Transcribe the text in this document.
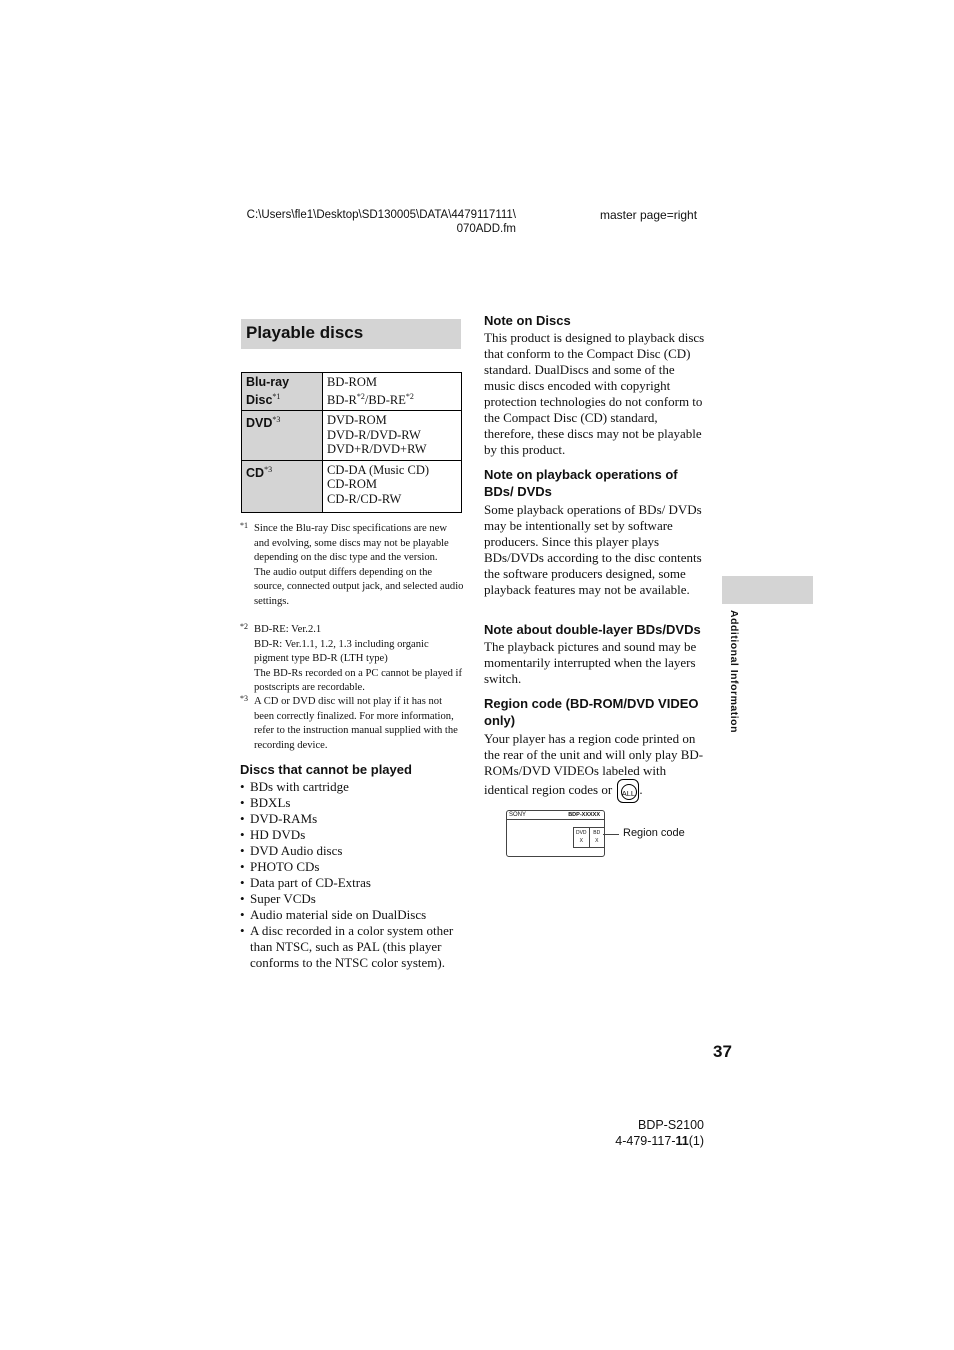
C:\Users\fle1\Desktop\SD130005\DATA\4479117111\
070ADD.fm
master page=right
Playable discs
Blu-ray Disc$^{*1}$	BD-ROM
$BD-R^{*2}/BD-RE^{*2}$

DVD$^{*3}$	DVD-ROM
DVD-R/DVD-RW
DVD+R/DVD+RW

CD$^{*3}$	CD-DA (Music CD)
CD-ROM
CD-R/CD-RW
*1 Since the Blu-ray Disc specifications are new and evolving, some discs may not be playable depending on the disc type and the version.
The audio output differs depending on the source, connected output jack, and selected audio settings.
*2 BD-RE: Ver.2.1
BD-R: Ver.1.1, 1.2, 1.3 including organic pigment type BD-R (LTH type)
The BD-Rs recorded on a PC cannot be played if postscripts are recordable.
*3 A CD or DVD disc will not play if it has not been correctly finalized. For more information, refer to the instruction manual supplied with the recording device.
Discs that cannot be played
• BDs with cartridge
• BDXLs
• DVD-RAMs
• HD DVDs
• DVD Audio discs
• PHOTO CDs
• Data part of CD-Extras
• Super VCDs
• Audio material side on DualDiscs
• A disc recorded in a color system other than NTSC, such as PAL (this player conforms to the NTSC color system).
Note on Discs
This product is designed to playback discs that conform to the Compact Disc (CD) standard. DualDiscs and some of the music discs encoded with copyright protection technologies do not conform to the Compact Disc (CD) standard, therefore, these discs may not be playable by this product.
Note on playback operations of BDs/ DVDs
Some playback operations of BDs/ DVDs may be intentionally set by software producers. Since this player plays BDs/DVDs according to the disc contents the software producers designed, some playback features may not be available.
Note about double-layer BDs/DVDs
The playback pictures and sound may be momentarily interrupted when the layers switch.
Region code (BD-ROM/DVD VIDEO only)
Your player has a region code printed on the rear of the unit and will only play BD-ROMs/DVD VIDEOs labeled with identical region codes or	ALL .
SONY	BDP-XXXXX
DVD
X
BD
X
Region code
Additional Information
37
BDP-S2100
4-479-117-11(1)
